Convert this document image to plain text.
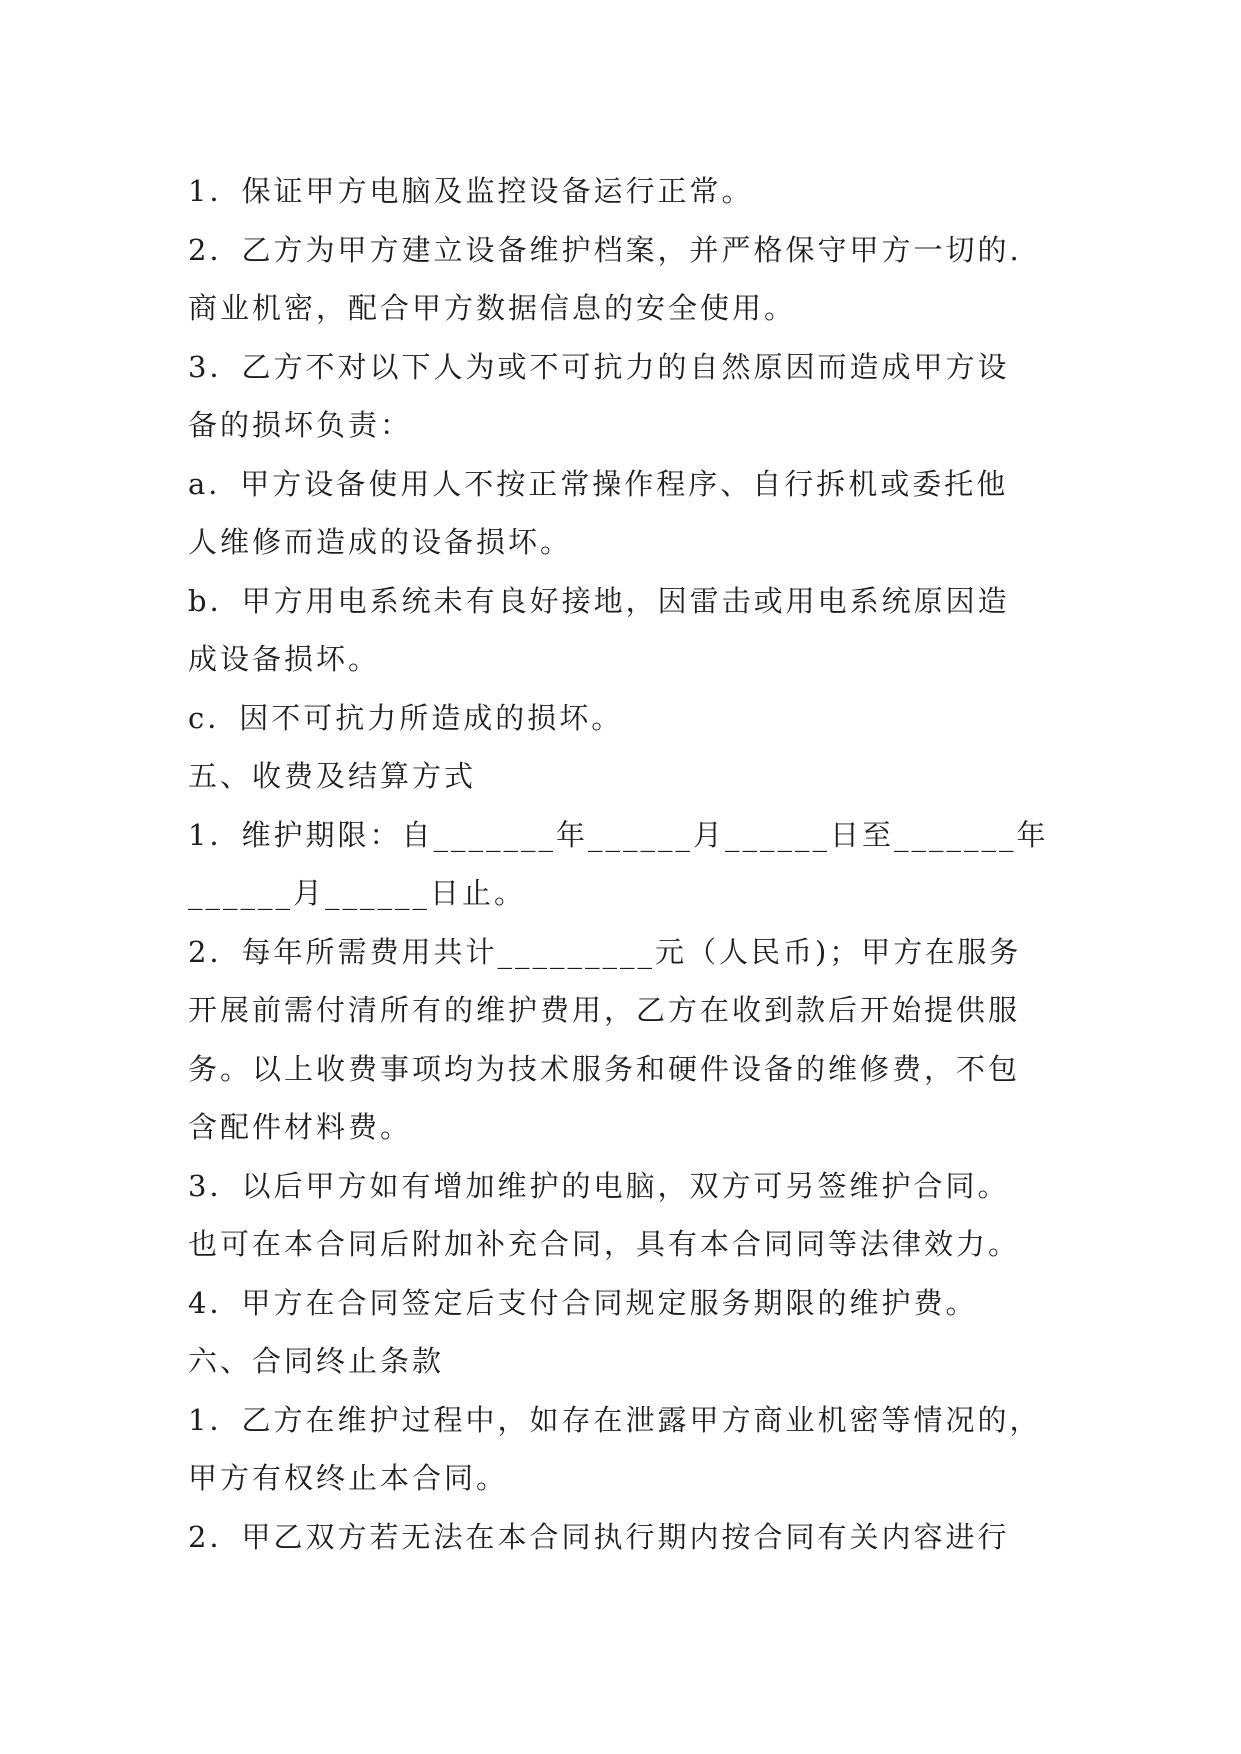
1．保证甲方电脑及监控设备运行正常。
2．乙方为甲方建立设备维护档案，并严格保守甲方一切的.
商业机密，配合甲方数据信息的安全使用。
3．乙方不对以下人为或不可抗力的自然原因而造成甲方设
备的损坏负责：
a．甲方设备使用人不按正常操作程序、自行拆机或委托他
人维修而造成的设备损坏。
b．甲方用电系统未有良好接地，因雷击或用电系统原因造
成设备损坏。
c．因不可抗力所造成的损坏。
五、收费及结算方式
1．维护期限：自_______年______月______日至_______年
______月______日止。
2．每年所需费用共计_________元（人民币)；甲方在服务
开展前需付清所有的维护费用，乙方在收到款后开始提供服
务。以上收费事项均为技术服务和硬件设备的维修费，不包
含配件材料费。
3．以后甲方如有增加维护的电脑，双方可另签维护合同。
也可在本合同后附加补充合同，具有本合同同等法律效力。
4．甲方在合同签定后支付合同规定服务期限的维护费。
六、合同终止条款
1．乙方在维护过程中，如存在泄露甲方商业机密等情况的，
甲方有权终止本合同。
2．甲乙双方若无法在本合同执行期内按合同有关内容进行
